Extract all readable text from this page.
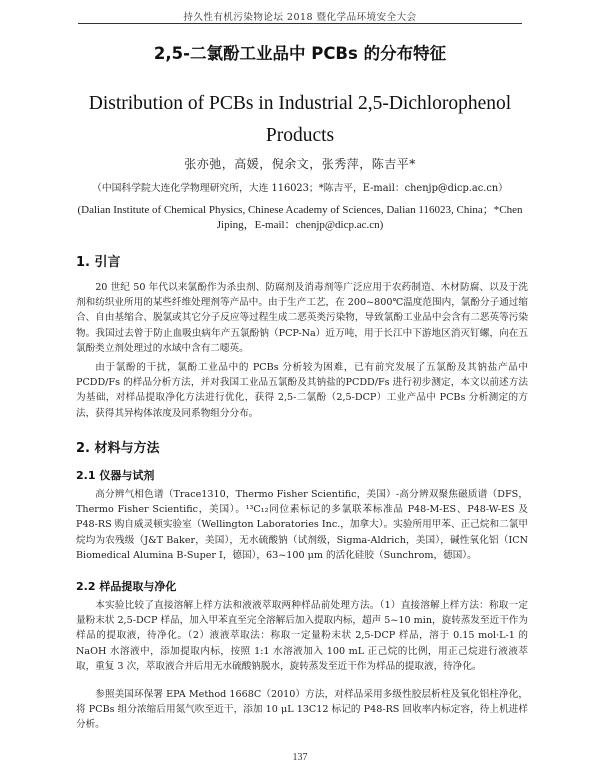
持久性有机污染物论坛 2018 暨化学品环境安全大会
2,5-二氯酚工业品中 PCBs 的分布特征
Distribution of PCBs in Industrial 2,5-Dichlorophenol Products
张亦弛，高媛，倪余文，张秀萍，陈吉平*
（中国科学院大连化学物理研究所，大连 116023；*陈吉平，E-mail：chenjp@dicp.ac.cn）
(Dalian Institute of Chemical Physics, Chinese Academy of Sciences, Dalian 116023, China；*Chen Jiping，E-mail：chenjp@dicp.ac.cn)
1. 引言

20 世纪 50 年代以来氯酚作为杀虫剂、防腐剂及消毒剂等广泛应用于农药制造、木材防腐、以及于洗剂和纺织业所用的某些纤维处理剂等产品中。由于生产工艺，在 200~800℃温度范围内，氯酚分子通过缩合、自由基缩合、脱氯或其它分子反应等过程生成二恶英类污染物，导致氯酚工业品中会含有二恶英等污染物。我国过去曾于防止血吸虫病年产五氯酚钠（PCP-Na）近万吨，用于长江中下游地区消灭钉螺，向在五氯酚类立剂处理过的水域中含有二噁英。

由于氯酚的干扰，氯酚工业品中的 PCBs 分析较为困难，已有前究发展了五氯酚及其钠盐产品中 PCDD/Fs 的样品分析方法，并对我国工业品五氯酚及其钠盐的PCDD/Fs 进行初步测定，本文以前述方法为基础，对样品提取净化方法进行优化，获得 2,5-二氯酚（2,5-DCP）工业产品中 PCBs 分析测定的方法，获得其异构体浓度及同系物组分分布。

2. 材料与方法
2.1 仪器与试剂

高分辨气相色谱（Trace1310，Thermo Fisher Scientific，美国）-高分辨双聚焦磁质谱（DFS，Thermo Fisher Scientific，美国）。¹³C₁₂同位素标记的多氯联苯标准品 P48-M-ES、P48-W-ES 及 P48-RS 购自威灵顿实验室（Wellington Laboratories Inc.，加拿大）。实验所用甲苯、正己烷和二氯甲烷均为农残级（J&T Baker，美国），无水硫酸钠（试剂级，Sigma-Aldrich，美国），碱性氧化铝（ICN Biomedical Alumina B-Super I，德国），63~100 μm 的活化硅胶（Sunchrom，德国）。

2.2 样品提取与净化

本实验比较了直接溶解上样方法和液液萃取两种样品前处理方法。（1）直接溶解上样方法：称取一定量粉末状 2,5-DCP 样品，加入甲苯直至完全溶解后加入提取内标，超声 5~10 min，旋转蒸发至近干作为样品的提取液，待净化。（2）液液萃取法：称取一定量粉末状 2,5-DCP 样品，溶于 0.15 mol·L-1 的 NaOH 水溶液中，添加提取内标，按照 1:1 水溶液加入 100 mL 正己烷的比例，用正己烷进行液液萃取，重复 3 次，萃取液合并后用无水硫酸钠脱水，旋转蒸发至近干作为样品的提取液，待净化。

参照美国环保署 EPA Method 1668C（2010）方法，对样品采用多级性胶层析柱及氧化铝柱净化，将 PCBs 组分浓缩后用氮气吹至近干，添加 10 μL 13C12 标记的 P48-RS 回收率内标定容，待上机进样分析。

137
